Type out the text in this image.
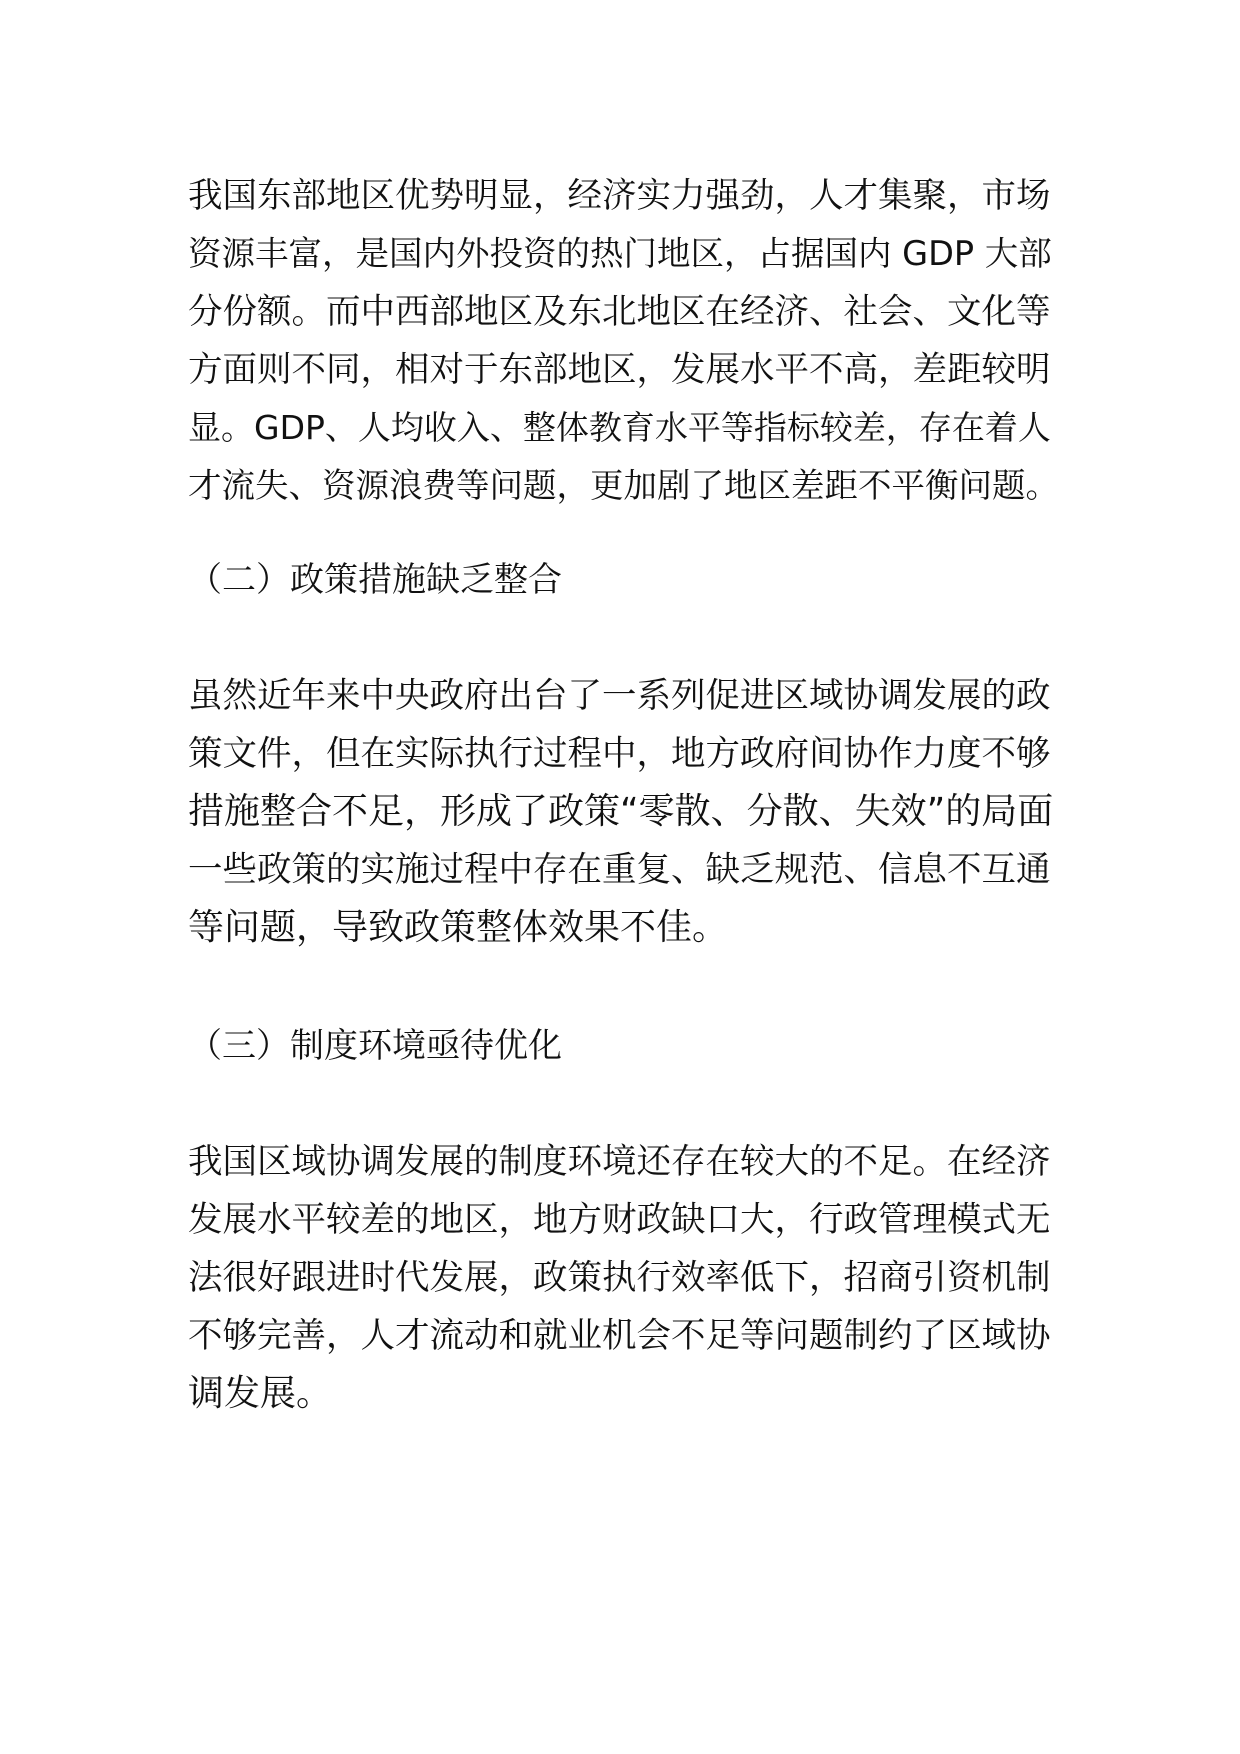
我国东部地区优势明显，经济实力强劲，人才集聚，市场
资源丰富，是国内外投资的热门地区，占据国内 GDP 大部
分份额。而中西部地区及东北地区在经济、社会、文化等
方面则不同，相对于东部地区，发展水平不高，差距较明
显。GDP、人均收入、整体教育水平等指标较差，存在着人
才流失、资源浪费等问题，更加剧了地区差距不平衡问题。
（二）政策措施缺乏整合
虽然近年来中央政府出台了一系列促进区域协调发展的政
策文件，但在实际执行过程中，地方政府间协作力度不够
措施整合不足，形成了政策“零散、分散、失效”的局面
一些政策的实施过程中存在重复、缺乏规范、信息不互通
等问题，导致政策整体效果不佳。
（三）制度环境亟待优化
我国区域协调发展的制度环境还存在较大的不足。在经济
发展水平较差的地区，地方财政缺口大，行政管理模式无
法很好跟进时代发展，政策执行效率低下，招商引资机制
不够完善，人才流动和就业机会不足等问题制约了区域协
调发展。
